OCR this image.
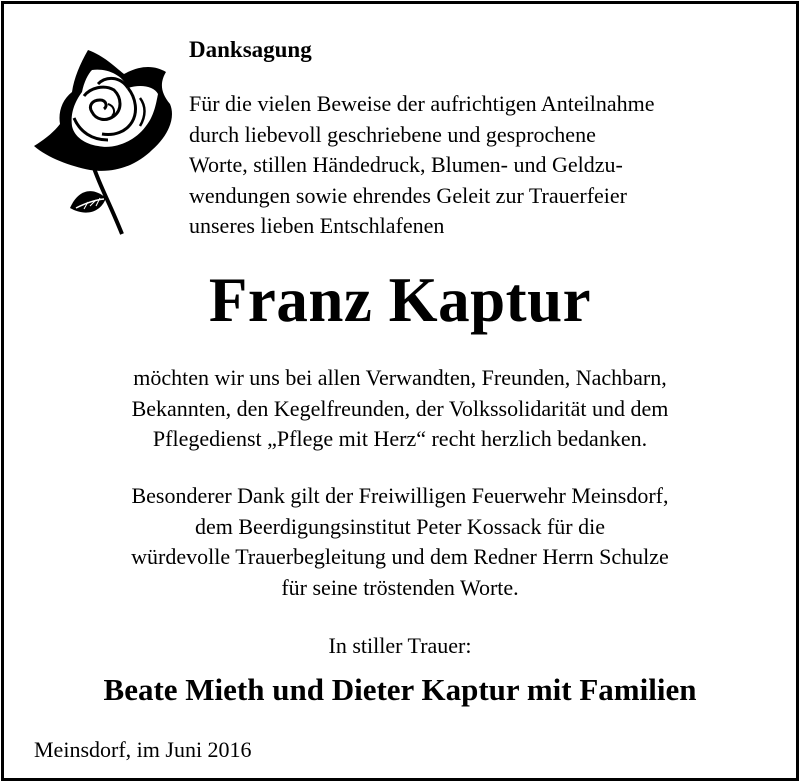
Danksagung
Für die vielen Beweise der aufrichtigen Anteilnahme
durch liebevoll geschriebene und gesprochene
Worte, stillen Händedruck, Blumen- und Geldzu-
wendungen sowie ehrendes Geleit zur Trauerfeier
unseres lieben Entschlafenen
Franz Kaptur
möchten wir uns bei allen Verwandten, Freunden, Nachbarn,
Bekannten, den Kegelfreunden, der Volkssolidarität und dem
Pflegedienst „Pflege mit Herz“ recht herzlich bedanken.
Besonderer Dank gilt der Freiwilligen Feuerwehr Meinsdorf,
dem Beerdigungsinstitut Peter Kossack für die
würdevolle Trauerbegleitung und dem Redner Herrn Schulze
für seine tröstenden Worte.
In stiller Trauer:
Beate Mieth und Dieter Kaptur mit Familien
Meinsdorf, im Juni 2016
